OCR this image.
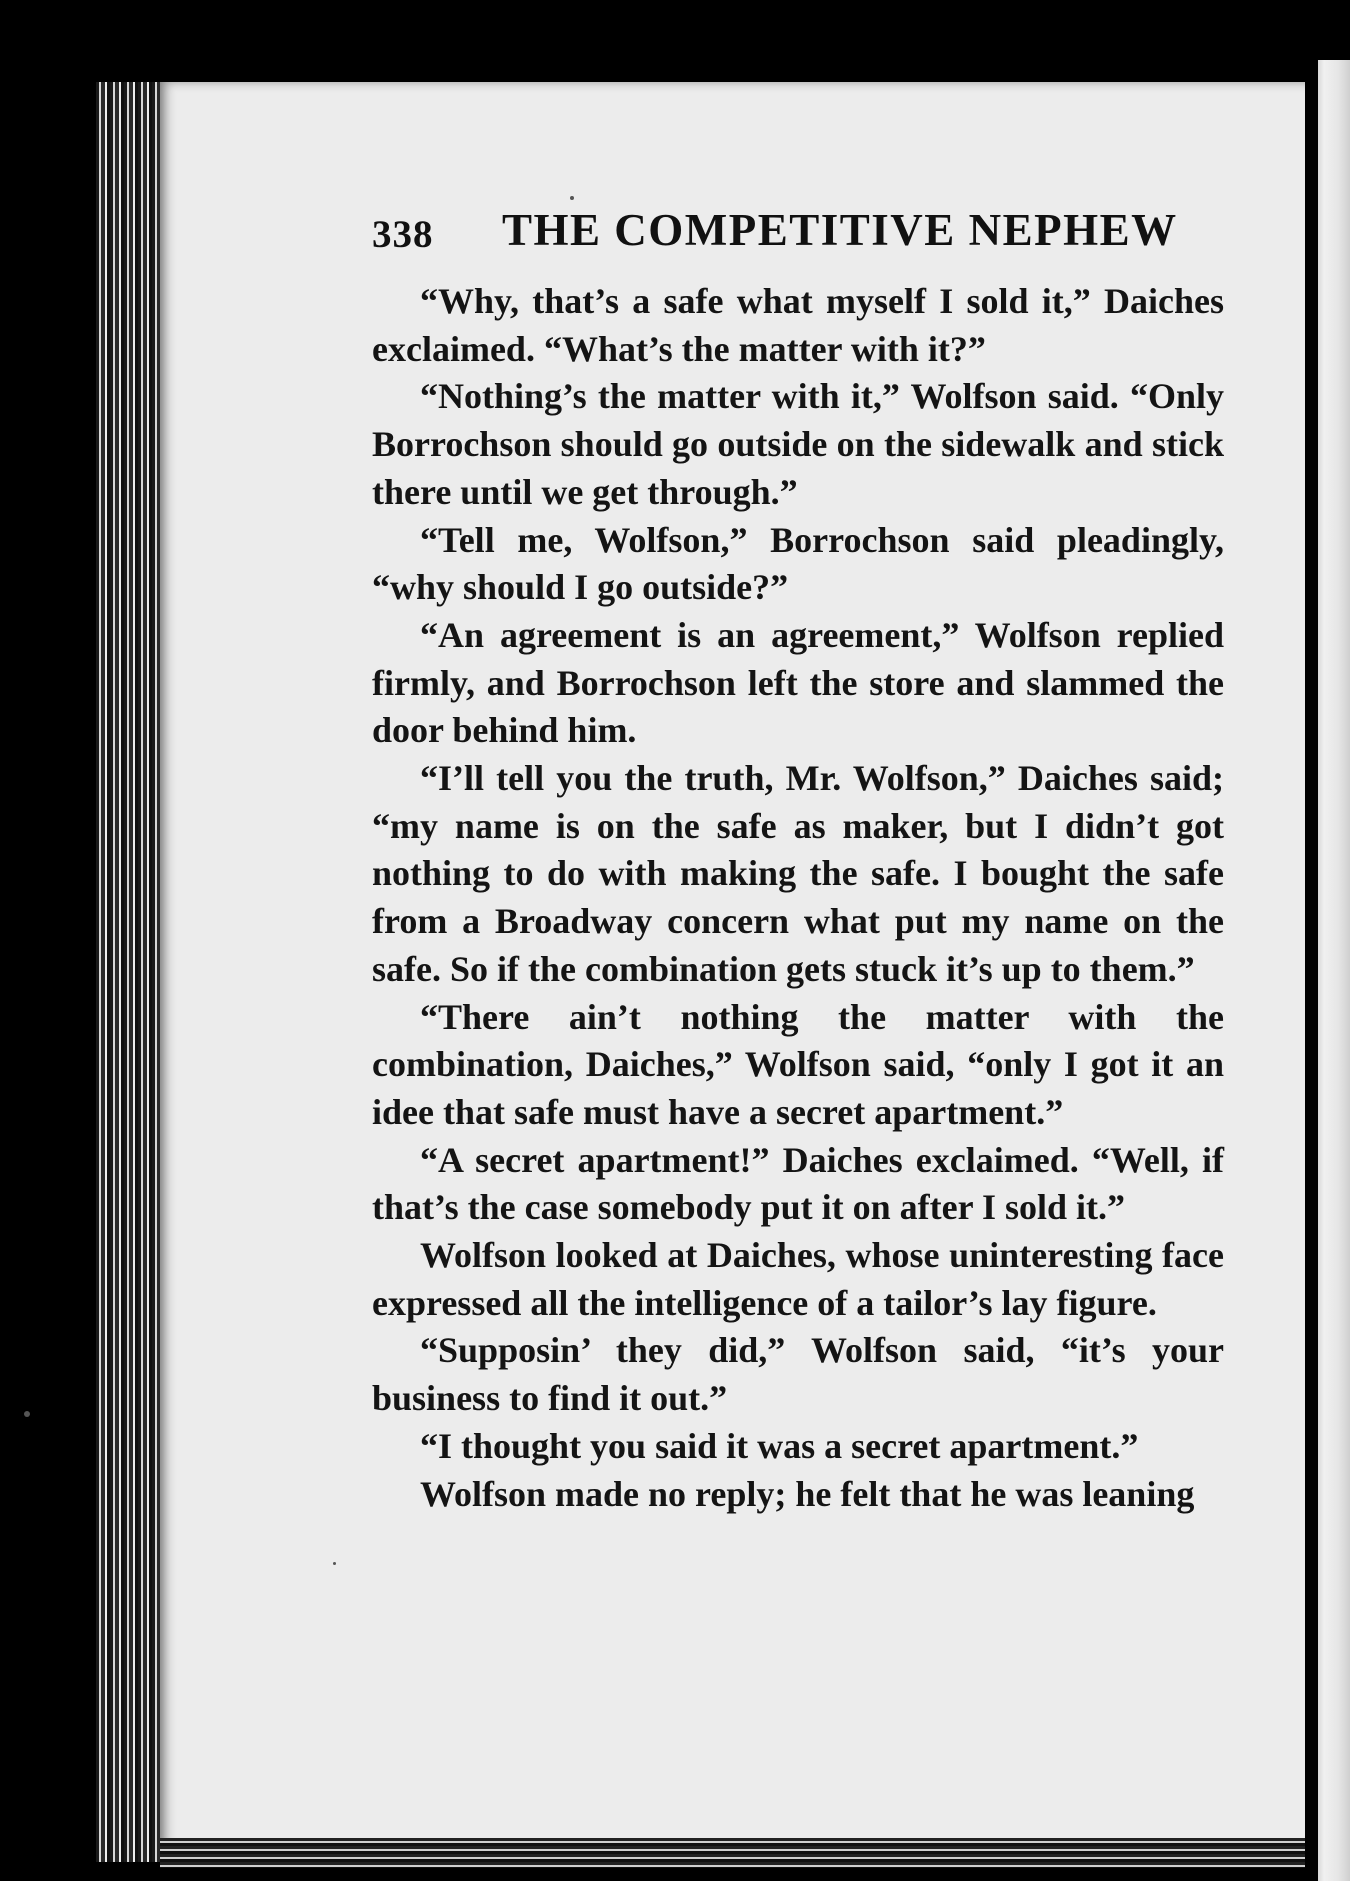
338 THE COMPETITIVE NEPHEW

“Why, that’s a safe what myself I sold it,” Daiches exclaimed. “What’s the matter with it?”

“Nothing’s the matter with it,” Wolfson said. “Only Borrochson should go outside on the sidewalk and stick there until we get through.”

“Tell me, Wolfson,” Borrochson said pleadingly, “why should I go outside?”

“An agreement is an agreement,” Wolfson replied firmly, and Borrochson left the store and slammed the door behind him.

“I’ll tell you the truth, Mr. Wolfson,” Daiches said; “my name is on the safe as maker, but I didn’t got nothing to do with making the safe. I bought the safe from a Broadway concern what put my name on the safe. So if the combination gets stuck it’s up to them.”

“There ain’t nothing the matter with the combination, Daiches,” Wolfson said, “only I got it an idee that safe must have a secret apartment.”

“A secret apartment!” Daiches exclaimed. “Well, if that’s the case somebody put it on after I sold it.”

Wolfson looked at Daiches, whose uninteresting face expressed all the intelligence of a tailor’s lay figure.

“Supposin’ they did,” Wolfson said, “it’s your business to find it out.”

“I thought you said it was a secret apartment.”

Wolfson made no reply; he felt that he was leaning
